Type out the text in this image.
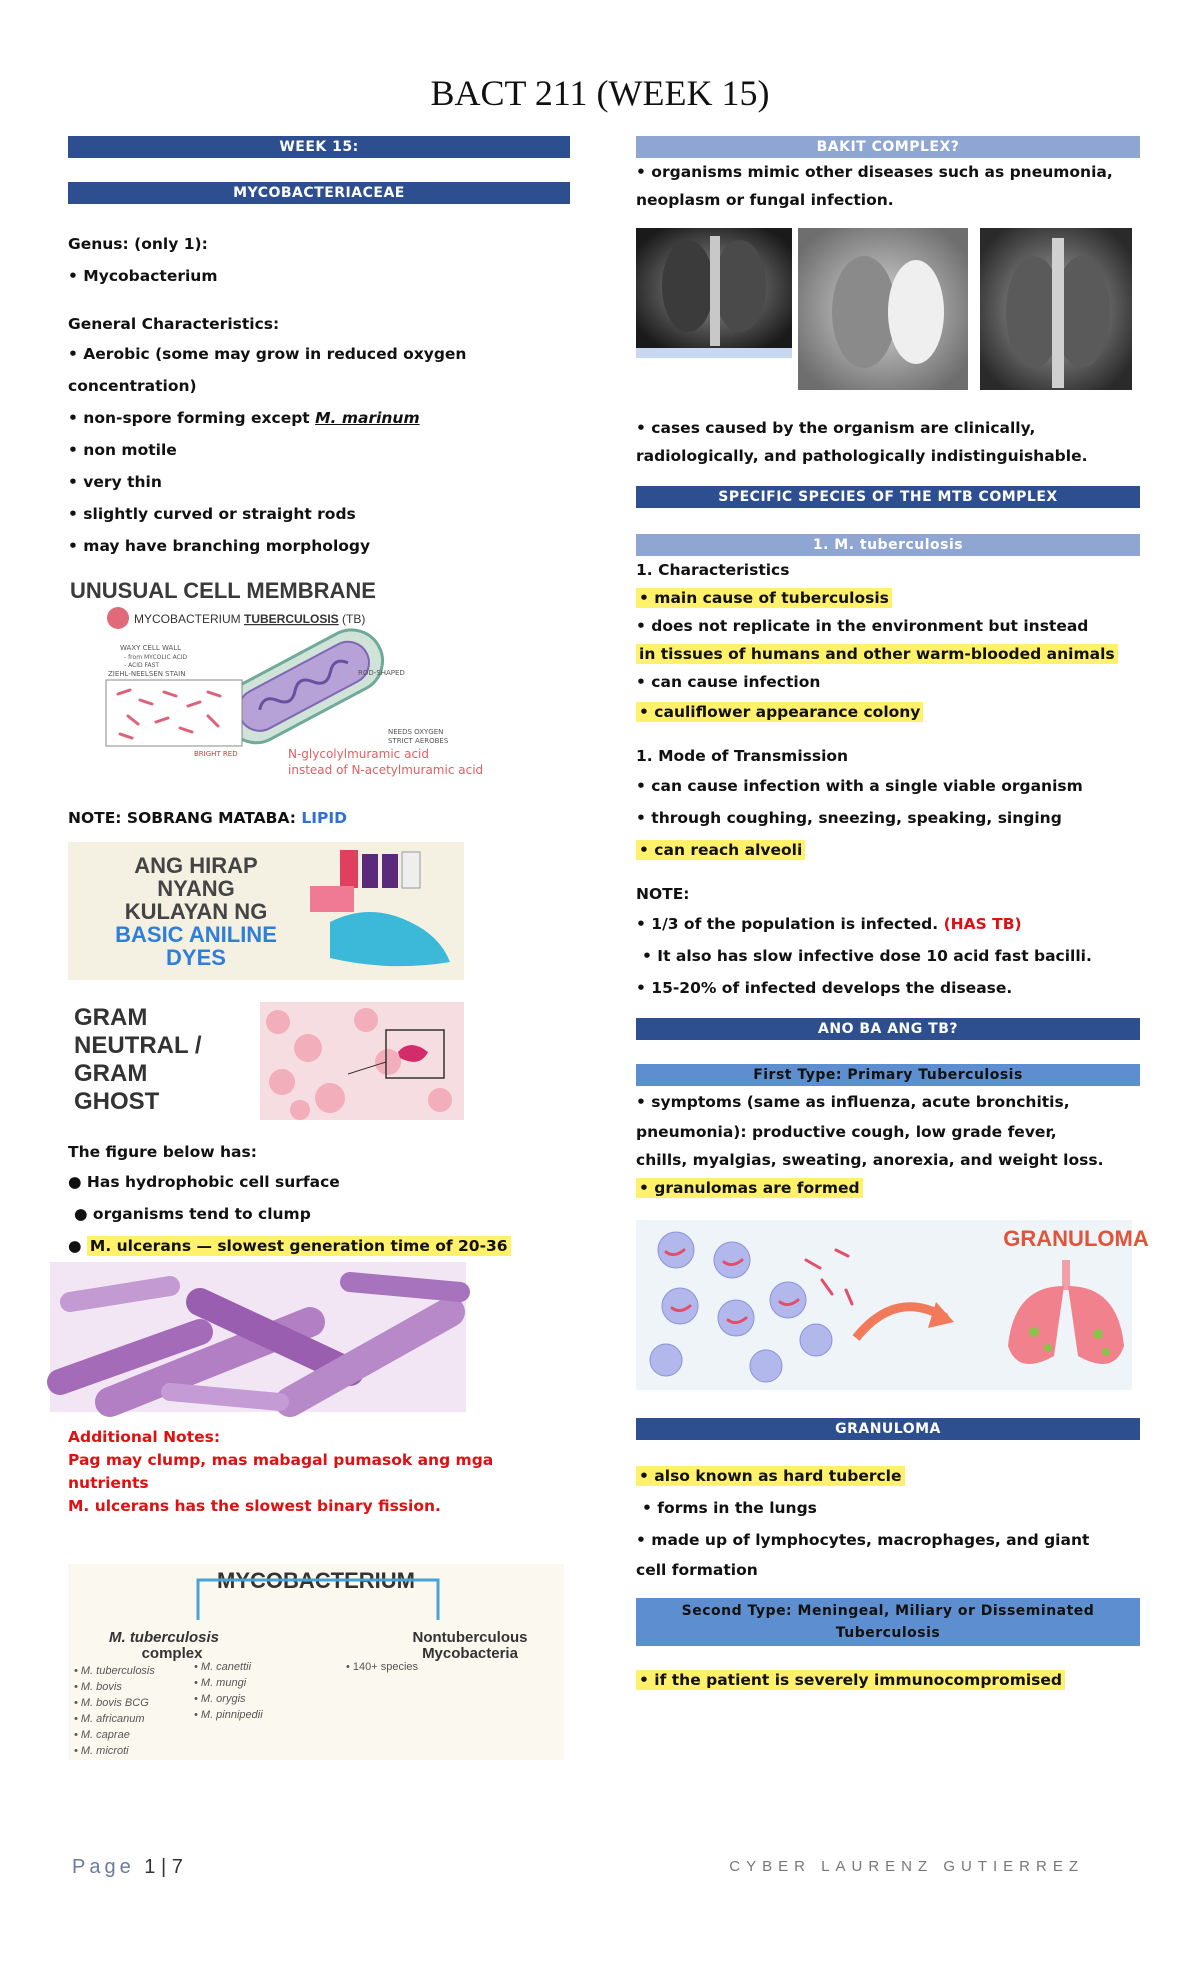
BACT 211 (WEEK 15)
WEEK 15:
MYCOBACTERIACEAE
Genus: (only 1):
• Mycobacterium
General Characteristics:
• Aerobic (some may grow in reduced oxygen
concentration)
• non-spore forming except M. marinum
• non motile
• very thin
• slightly curved or straight rods
• may have branching morphology
UNUSUAL CELL MEMBRANE
MYCOBACTERIUM TUBERCULOSIS (TB)
WAXY CELL WALL
- from MYCOLIC ACID
- ACID FAST
ROD-SHAPED
ZIEHL-NEELSEN STAIN
BRIGHT RED
NEEDS OXYGEN
STRICT AEROBES
N-glycolylmuramic acid
instead of N-acetylmuramic acid
NOTE: SOBRANG MATABA: LIPID
ANG HIRAP
NYANG
KULAYAN NG
BASIC ANILINE
DYES
GRAM
NEUTRAL /
GRAM
GHOST
The figure below has:
● Has hydrophobic cell surface
● organisms tend to clump
● M. ulcerans — slowest generation time of 20-36
Additional Notes:
Pag may clump, mas mabagal pumasok ang mga
nutrients
M. ulcerans has the slowest binary fission.
MYCOBACTERIUM
M. tuberculosis
complex
Nontuberculous
Mycobacteria
• M. tuberculosis
• M. bovis
• M. bovis BCG
• M. africanum
• M. caprae
• M. microti
• M. canettii
• M. mungi
• M. orygis
• M. pinnipedii
• 140+ species
BAKIT COMPLEX?
• organisms mimic other diseases such as pneumonia,
neoplasm or fungal infection.
• cases caused by the organism are clinically,
radiologically, and pathologically indistinguishable.
SPECIFIC SPECIES OF THE MTB COMPLEX
1. M. tuberculosis
1. Characteristics
• main cause of tuberculosis
• does not replicate in the environment but instead
in tissues of humans and other warm-blooded animals
• can cause infection
• cauliflower appearance colony
1. Mode of Transmission
• can cause infection with a single viable organism
• through coughing, sneezing, speaking, singing
• can reach alveoli
NOTE:
• 1/3 of the population is infected. (HAS TB)
• It also has slow infective dose 10 acid fast bacilli.
• 15-20% of infected develops the disease.
ANO BA ANG TB?
First Type: Primary Tuberculosis
• symptoms (same as influenza, acute bronchitis,
pneumonia): productive cough, low grade fever,
chills, myalgias, sweating, anorexia, and weight loss.
• granulomas are formed
GRANULOMA
GRANULOMA
• also known as hard tubercle
• forms in the lungs
• made up of lymphocytes, macrophages, and giant
cell formation
Second Type: Meningeal, Miliary or Disseminated Tuberculosis
• if the patient is severely immunocompromised
Page 1 | 7	CYBER LAURENZ GUTIERREZ
